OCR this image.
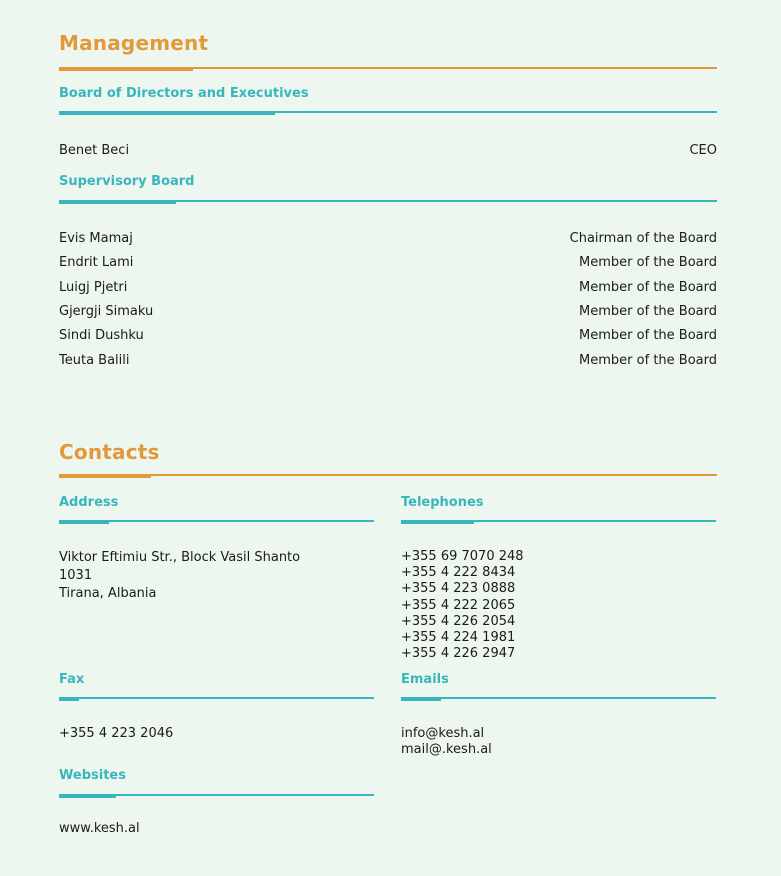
Management
Board of Directors and Executives
Benet Beci	CEO
Supervisory Board
Evis Mamaj	Chairman of the Board
Endrit Lami	Member of the Board
Luigj Pjetri	Member of the Board
Gjergji Simaku	Member of the Board
Sindi Dushku	Member of the Board
Teuta Balili	Member of the Board
Contacts
Address
Viktor Eftimiu Str., Block Vasil Shanto
1031
Tirana, Albania
Telephones
+355 69 7070 248
+355 4 222 8434
+355 4 223 0888
+355 4 222 2065
+355 4 226 2054
+355 4 224 1981
+355 4 226 2947
Fax
+355 4 223 2046
Emails
info@kesh.al
mail@.kesh.al
Websites
www.kesh.al
